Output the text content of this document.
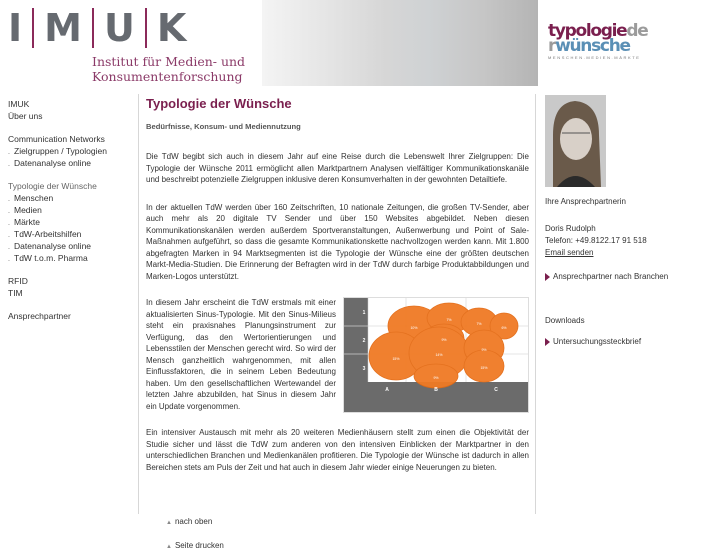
I M U K
Institut für Medien- und
Konsumentenforschung
typologiede
rwünsche
MENSCHEN.MEDIEN.MÄRKTE
IMUK
Über uns
Communication Networks
. Zielgruppen / Typologien
. Datenanalyse online
Typologie der Wünsche
. Menschen
. Medien
. Märkte
. TdW-Arbeitshilfen
. Datenanalyse online
. TdW t.o.m. Pharma
RFID
TIM
Ansprechpartner
Typologie der Wünsche
Bedürfnisse, Konsum- und Mediennutzung

Die TdW begibt sich auch in diesem Jahr auf eine Reise durch die Lebenswelt Ihrer Zielgruppen: Die Typologie der Wünsche 2011 ermöglicht allen Marktpartnern Analysen vielfältiger Kommunikationskanäle und beschreibt potenzielle Zielgruppen inklusive deren Konsumverhalten in der gewohnten Detailtiefe.

In der aktuellen TdW werden über 160 Zeitschriften, 10 nationale Zeitungen, die großen TV-Sender, aber auch mehr als 20 digitale TV Sender und über 150 Websites abgebildet. Neben diesen Kommunikationskanälen werden außerdem Sportveranstaltungen, Außenwerbung und Point of Sale-Maßnahmen aufgeführt, so dass die gesamte Kommunikationskette nachvollzogen werden kann. Mit 1.800 abgefragten Marken in 94 Marktsegmenten ist die Typologie der Wünsche eine der größten deutschen Markt-Media-Studien. Die Erinnerung der Befragten wird in der TdW durch farbige Produktabbildungen und Marken-Logos unterstützt.

In diesem Jahr erscheint die TdW erstmals mit einer aktualisierten Sinus-Typologie. Mit den Sinus-Milieus steht ein praxisnahes Planungsinstrument zur Verfügung, das den Wertorientierungen und Lebensstilen der Menschen gerecht wird. So wird der Mensch ganzheitlich wahrgenommen, mit allen Einflussfaktoren, die in seinem Leben Bedeutung haben. Um den gesellschaftlichen Wertewandel der letzten Jahre abzubilden, hat Sinus in diesem Jahr ein Update vorgenommen.

10%
7%
7%
6%
9%
15%
14%
9%
15%
9%
1
2
3
A	B	C

Ein intensiver Austausch mit mehr als 20 weiteren Medienhäusern stellt zum einen die Objektivität der Studie sicher und lässt die TdW zum anderen von den intensiven Einblicken der Marktpartner in den unterschiedlichen Branchen und Medienkanälen profitieren. Die Typologie der Wünsche ist dadurch in allen Bereichen stets am Puls der Zeit und hat auch in diesem Jahr wieder einige Neuerungen zu bieten.

▲ nach oben
▲ Seite drucken
Ihre Ansprechpartnerin
Doris Rudolph
Telefon: +49.8122.17 91 518
Email senden
Ansprechpartner nach Branchen
Downloads
Untersuchungssteckbrief
